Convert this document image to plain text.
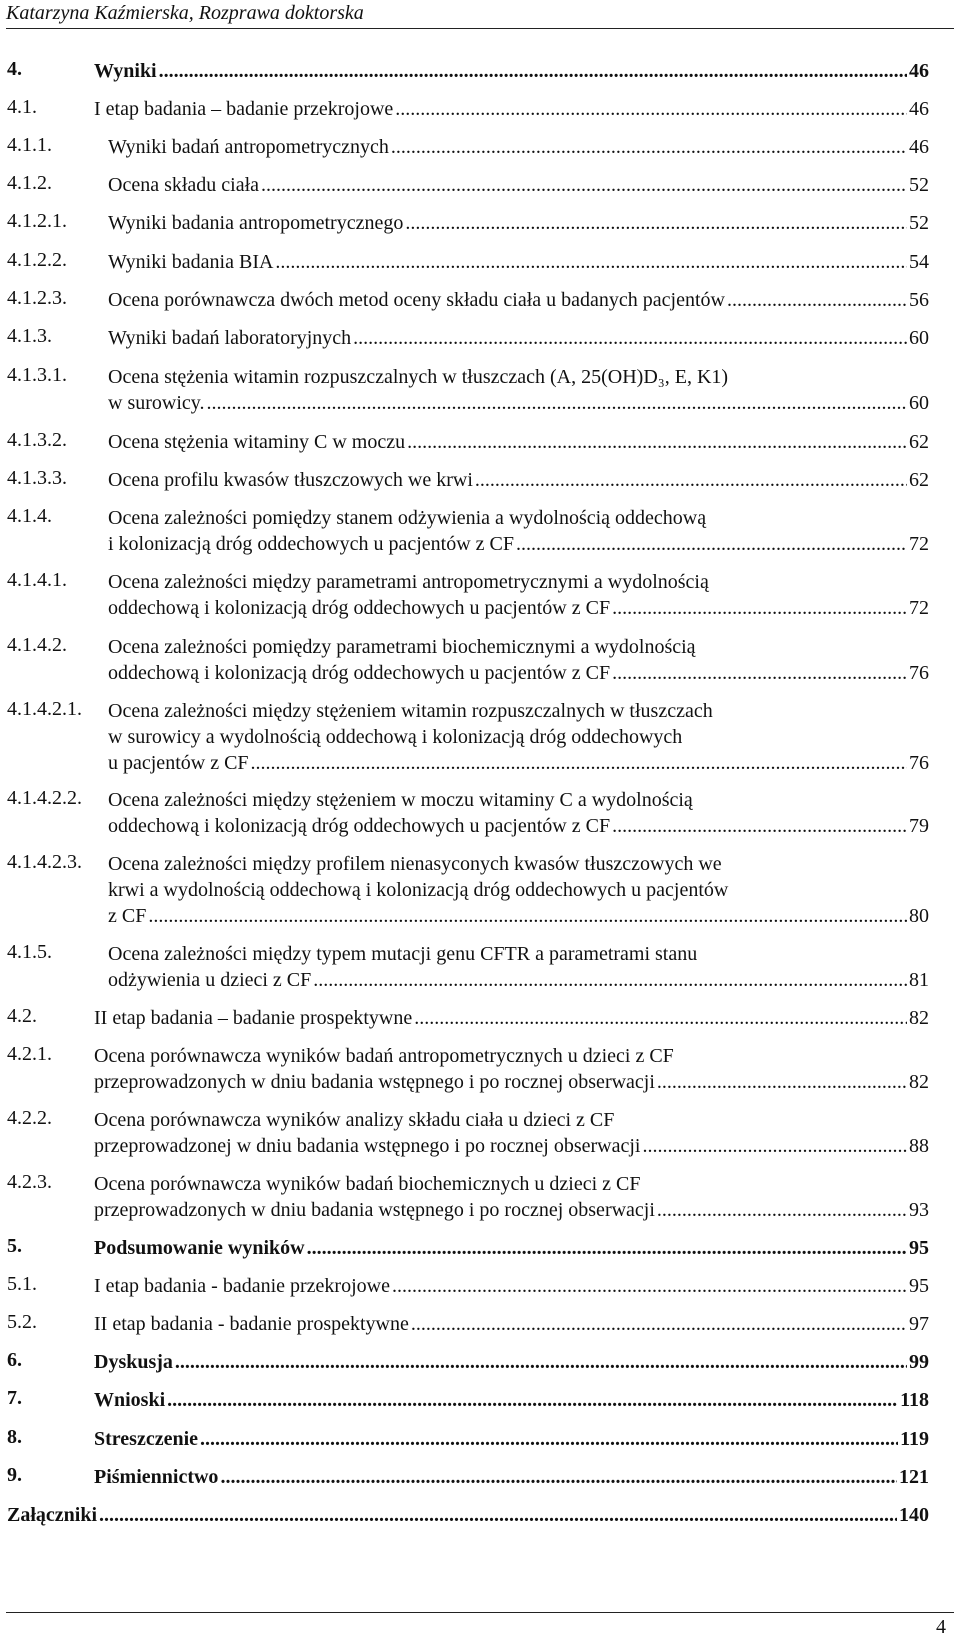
Katarzyna Kaźmierska, Rozprawa doktorska
4.	Wyniki .....	46
4.1.	I etap badania – badanie przekrojowe .....	46
4.1.1.	Wyniki badań antropometrycznych .....	46
4.1.2.	Ocena składu ciała .....	52
4.1.2.1. Wyniki badania antropometrycznego .....	52
4.1.2.2. Wyniki badania BIA .....	54
4.1.2.3. Ocena porównawcza dwóch metod oceny składu ciała u badanych pacjentów .....	56
4.1.3.	Wyniki badań laboratoryjnych .....	60
4.1.3.1. Ocena stężenia witamin rozpuszczalnych w tłuszczach (A, 25(OH)D₃, E, K1)
w surowicy. .....	60
4.1.3.2. Ocena stężenia witaminy C w moczu .....	62
4.1.3.3. Ocena profilu kwasów tłuszczowych we krwi .....	62
4.1.4.	Ocena zależności pomiędzy stanem odżywienia a wydolnością oddechową
i kolonizacją dróg oddechowych u pacjentów z CF .....	72
4.1.4.1. Ocena zależności między parametrami antropometrycznymi a wydolnością
oddechową i kolonizacją dróg oddechowych u pacjentów z CF .....	72
4.1.4.2. Ocena zależności pomiędzy parametrami biochemicznymi a wydolnością
oddechową i kolonizacją dróg oddechowych u pacjentów z CF .....	76
4.1.4.2.1. Ocena zależności między stężeniem witamin rozpuszczalnych w tłuszczach
w surowicy a wydolnością oddechową i kolonizacją dróg oddechowych
u pacjentów z CF .....	76
4.1.4.2.2. Ocena zależności między stężeniem w moczu witaminy C a wydolnością
oddechową i kolonizacją dróg oddechowych u pacjentów z CF .....	79
4.1.4.2.3. Ocena zależności między profilem nienasyconych kwasów tłuszczowych we
krwi a wydolnością oddechową i kolonizacją dróg oddechowych u pacjentów
z CF .....	80
4.1.5.	Ocena zależności między typem mutacji genu CFTR a parametrami stanu
odżywienia u dzieci z CF .....	81
4.2.	II etap badania – badanie prospektywne .....	82
4.2.1. Ocena porównawcza wyników badań antropometrycznych u dzieci z CF
przeprowadzonych w dniu badania wstępnego i po rocznej obserwacji .....	82
4.2.2. Ocena porównawcza wyników analizy składu ciała u dzieci z CF
przeprowadzonej w dniu badania wstępnego i po rocznej obserwacji .....	88
4.2.3. Ocena porównawcza wyników badań biochemicznych u dzieci z CF
przeprowadzonych w dniu badania wstępnego i po rocznej obserwacji .....	93
5.	Podsumowanie wyników .....	95
5.1.	I etap badania - badanie przekrojowe .....	95
5.2.	II etap badania - badanie prospektywne .....	97
6.	Dyskusja .....	99
7.	Wnioski .....	118
8.	Streszczenie .....	119
9.	Piśmiennictwo .....	121
Załączniki .....	140
4
